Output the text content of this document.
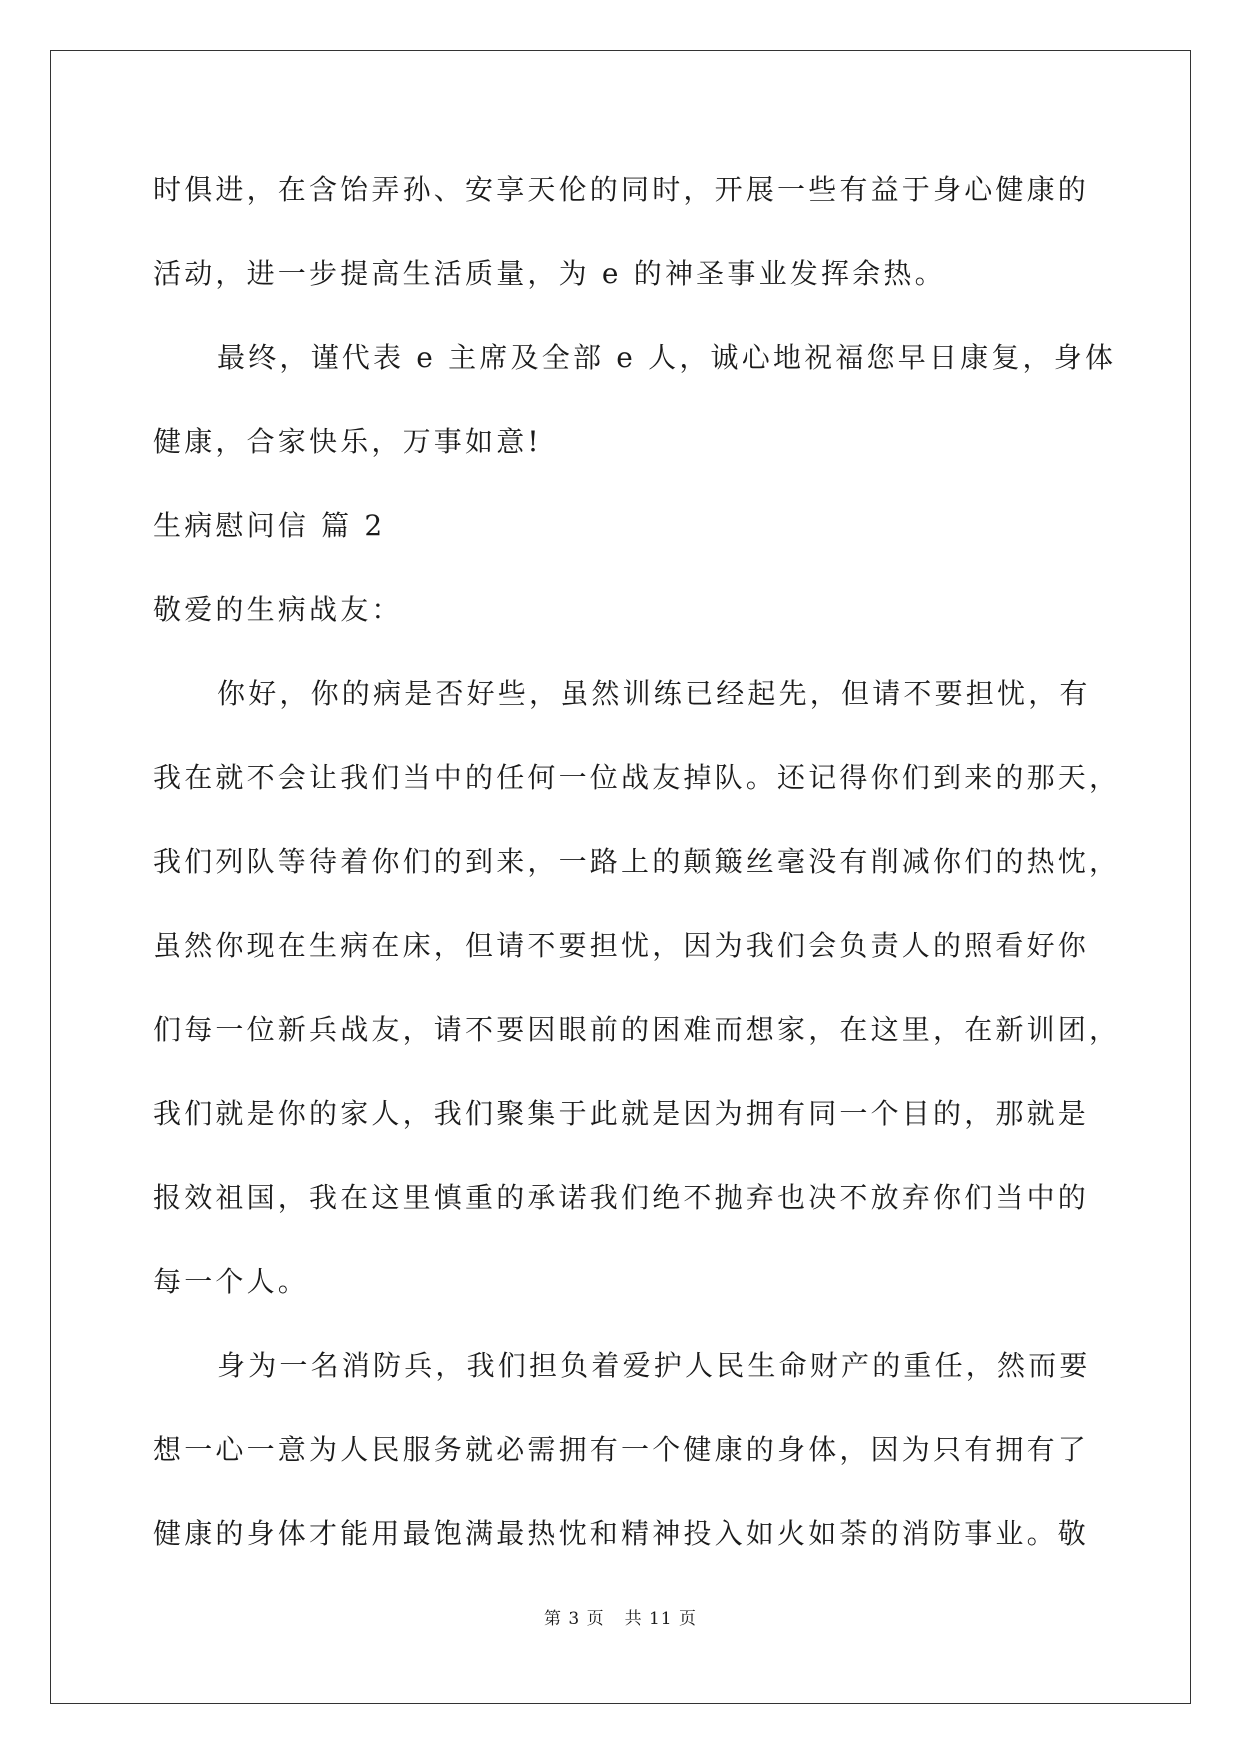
时俱进，在含饴弄孙、安享天伦的同时，开展一些有益于身心健康的
活动，进一步提高生活质量，为 e 的神圣事业发挥余热。
最终，谨代表 e 主席及全部 e 人，诚心地祝福您早日康复，身体
健康，合家快乐，万事如意!
生病慰问信 篇 2
敬爱的生病战友：
你好，你的病是否好些，虽然训练已经起先，但请不要担忧，有
我在就不会让我们当中的任何一位战友掉队。还记得你们到来的那天，
我们列队等待着你们的到来，一路上的颠簸丝毫没有削减你们的热忱，
虽然你现在生病在床，但请不要担忧，因为我们会负责人的照看好你
们每一位新兵战友，请不要因眼前的困难而想家，在这里，在新训团，
我们就是你的家人，我们聚集于此就是因为拥有同一个目的，那就是
报效祖国，我在这里慎重的承诺我们绝不抛弃也决不放弃你们当中的
每一个人。
身为一名消防兵，我们担负着爱护人民生命财产的重任，然而要
想一心一意为人民服务就必需拥有一个健康的身体，因为只有拥有了
健康的身体才能用最饱满最热忱和精神投入如火如荼的消防事业。敬
第 3 页 共 11 页
